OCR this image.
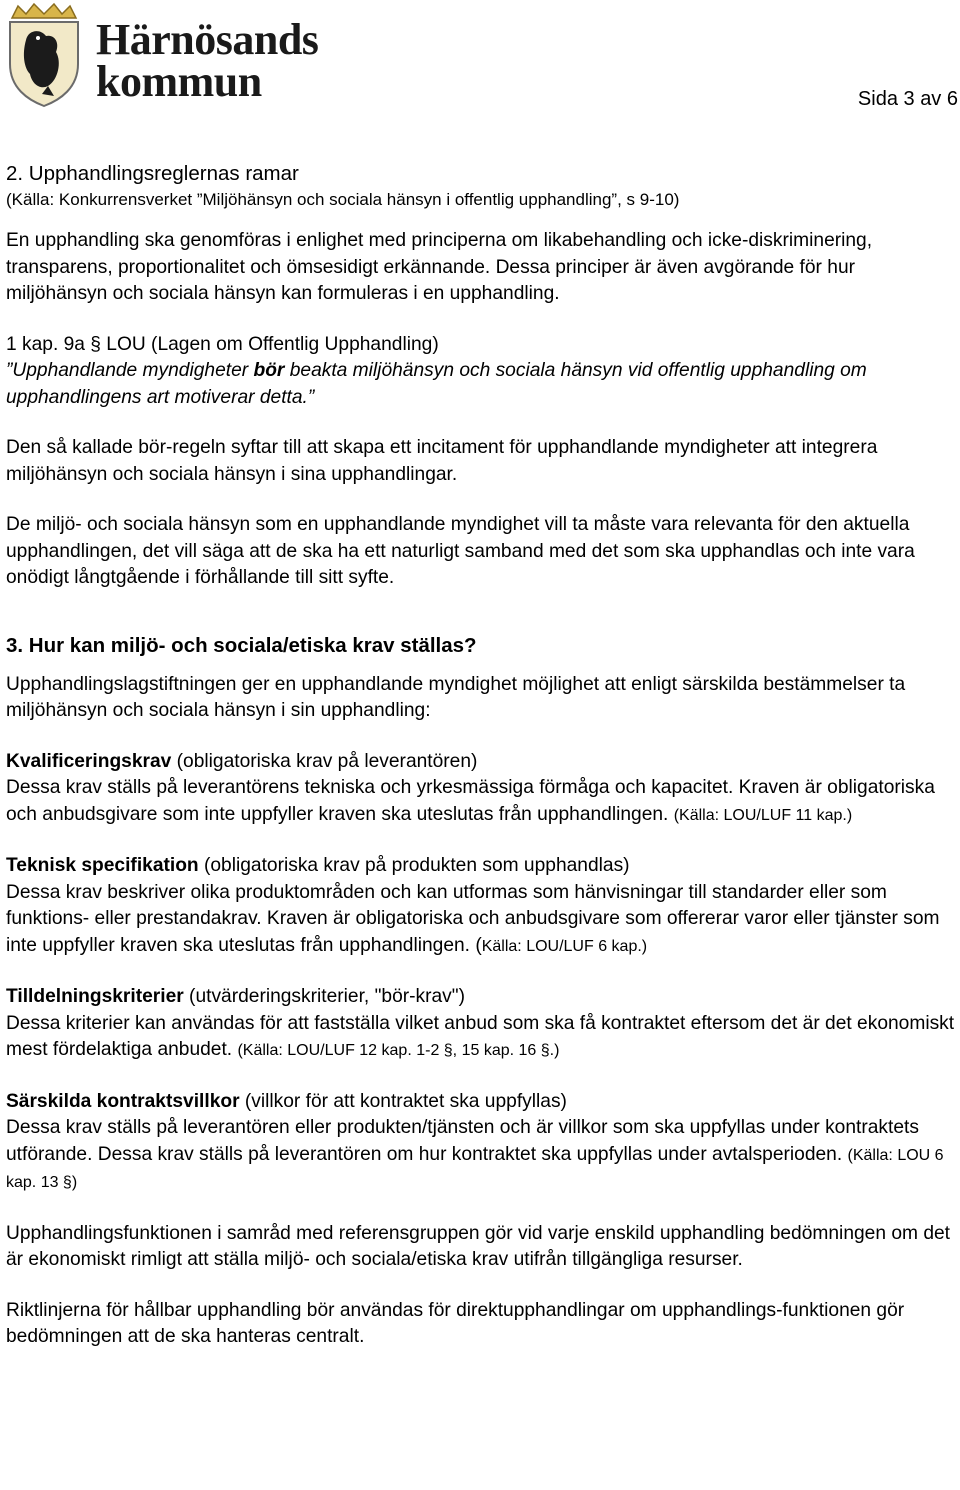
Härnösands
kommun	Sida 3 av 6

2. Upphandlingsreglernas ramar

(Källa: Konkurrensverket ”Miljöhänsyn och sociala hänsyn i offentlig upphandling”, s 9-10)

En upphandling ska genomföras i enlighet med principerna om likabehandling och icke-diskriminering, transparens, proportionalitet och ömsesidigt erkännande. Dessa principer är även avgörande för hur miljöhänsyn och sociala hänsyn kan formuleras i en upphandling.

1 kap. 9a § LOU (Lagen om Offentlig Upphandling)

”Upphandlande myndigheter bör beakta miljöhänsyn och sociala hänsyn vid offentlig upphandling om upphandlingens art motiverar detta.”

Den så kallade bör-regeln syftar till att skapa ett incitament för upphandlande myndigheter att integrera miljöhänsyn och sociala hänsyn i sina upphandlingar.

De miljö- och sociala hänsyn som en upphandlande myndighet vill ta måste vara relevanta för den aktuella upphandlingen, det vill säga att de ska ha ett naturligt samband med det som ska upphandlas och inte vara onödigt långtgående i förhållande till sitt syfte.

3. Hur kan miljö- och sociala/etiska krav ställas?

Upphandlingslagstiftningen ger en upphandlande myndighet möjlighet att enligt särskilda bestämmelser ta miljöhänsyn och sociala hänsyn i sin upphandling:

Kvalificeringskrav (obligatoriska krav på leverantören)

Dessa krav ställs på leverantörens tekniska och yrkesmässiga förmåga och kapacitet. Kraven är obligatoriska och anbudsgivare som inte uppfyller kraven ska uteslutas från upphandlingen. (Källa: LOU/LUF 11 kap.)

Teknisk specifikation (obligatoriska krav på produkten som upphandlas)

Dessa krav beskriver olika produktområden och kan utformas som hänvisningar till standarder eller som funktions- eller prestandakrav. Kraven är obligatoriska och anbudsgivare som offererar varor eller tjänster som inte uppfyller kraven ska uteslutas från upphandlingen. (Källa: LOU/LUF 6 kap.)

Tilldelningskriterier (utvärderingskriterier, "bör-krav")

Dessa kriterier kan användas för att fastställa vilket anbud som ska få kontraktet eftersom det är det ekonomiskt mest fördelaktiga anbudet. (Källa: LOU/LUF 12 kap. 1-2 §, 15 kap. 16 §.)

Särskilda kontraktsvillkor (villkor för att kontraktet ska uppfyllas)

Dessa krav ställs på leverantören eller produkten/tjänsten och är villkor som ska uppfyllas under kontraktets utförande. Dessa krav ställs på leverantören om hur kontraktet ska uppfyllas under avtalsperioden. (Källa: LOU 6 kap. 13 §)

Upphandlingsfunktionen i samråd med referensgruppen gör vid varje enskild upphandling bedömningen om det är ekonomiskt rimligt att ställa miljö- och sociala/etiska krav utifrån tillgängliga resurser.

Riktlinjerna för hållbar upphandling bör användas för direktupphandlingar om upphandlings-funktionen gör bedömningen att de ska hanteras centralt.
